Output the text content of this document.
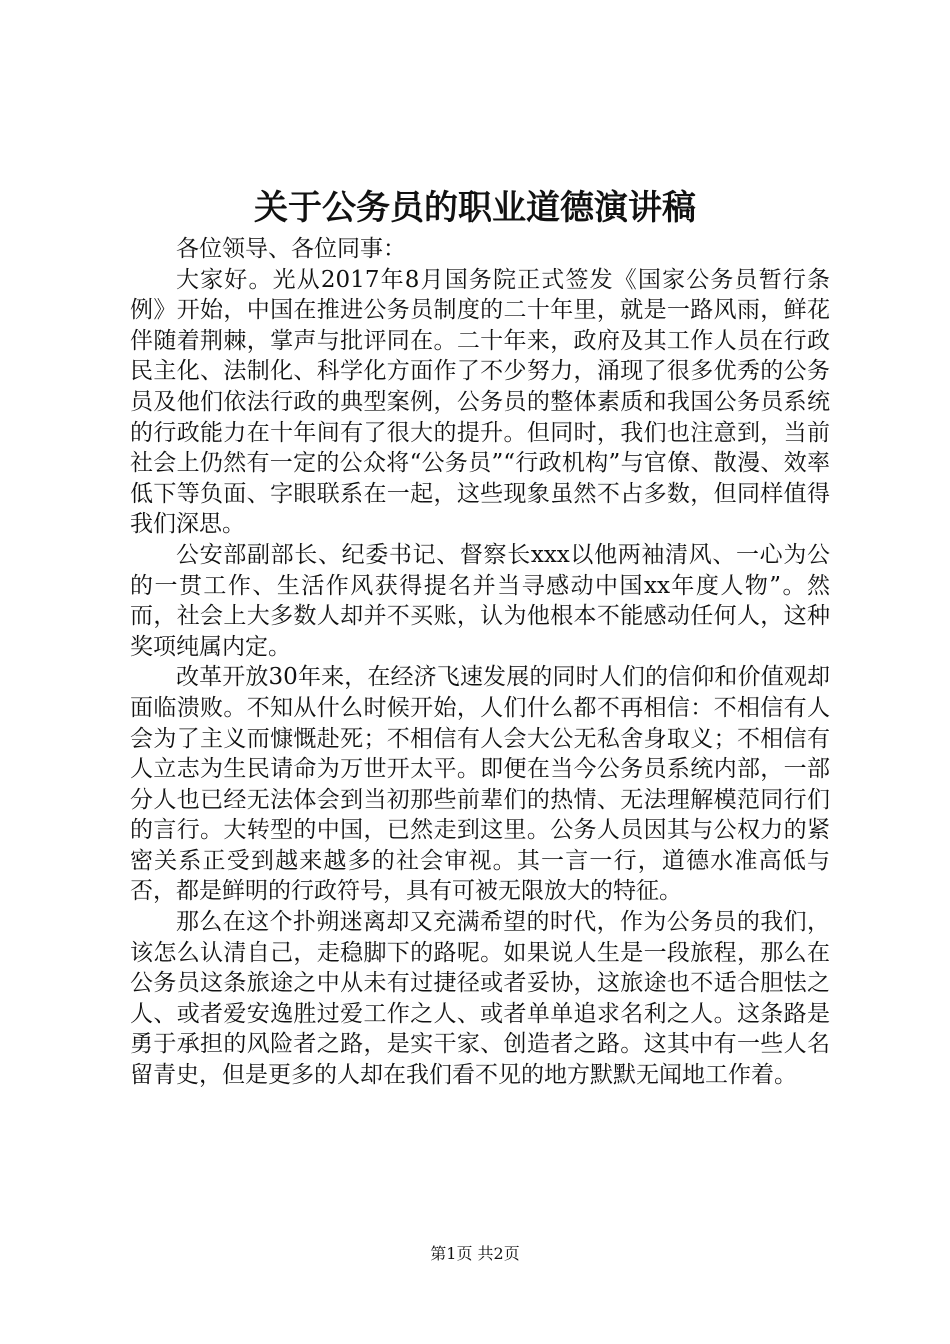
关于公务员的职业道德演讲稿

各位领导、各位同事：

大家好。光从2017年8月国务院正式签发《国家公务员暂行条例》开始，中国在推进公务员制度的二十年里，就是一路风雨，鲜花伴随着荆棘，掌声与批评同在。二十年来，政府及其工作人员在行政民主化、法制化、科学化方面作了不少努力，涌现了很多优秀的公务员及他们依法行政的典型案例，公务员的整体素质和我国公务员系统的行政能力在十年间有了很大的提升。但同时，我们也注意到，当前社会上仍然有一定的公众将“公务员”“行政机构”与官僚、散漫、效率低下等负面、字眼联系在一起，这些现象虽然不占多数，但同样值得我们深思。

公安部副部长、纪委书记、督察长xxx以他两袖清风、一心为公的一贯工作、生活作风获得提名并当寻感动中国xx年度人物”。然而，社会上大多数人却并不买账，认为他根本不能感动任何人，这种奖项纯属内定。

改革开放30年来，在经济飞速发展的同时人们的信仰和价值观却面临溃败。不知从什么时候开始，人们什么都不再相信：不相信有人会为了主义而慷慨赴死；不相信有人会大公无私舍身取义；不相信有人立志为生民请命为万世开太平。即便在当今公务员系统内部，一部分人也已经无法体会到当初那些前辈们的热情、无法理解模范同行们的言行。大转型的中国，已然走到这里。公务人员因其与公权力的紧密关系正受到越来越多的社会审视。其一言一行，道德水准高低与否，都是鲜明的行政符号，具有可被无限放大的特征。

那么在这个扑朔迷离却又充满希望的时代，作为公务员的我们，该怎么认清自己，走稳脚下的路呢。如果说人生是一段旅程，那么在公务员这条旅途之中从未有过捷径或者妥协，这旅途也不适合胆怯之人、或者爱安逸胜过爱工作之人、或者单单追求名利之人。这条路是勇于承担的风险者之路，是实干家、创造者之路。这其中有一些人名留青史，但是更多的人却在我们看不见的地方默默无闻地工作着。

第1页 共2页
